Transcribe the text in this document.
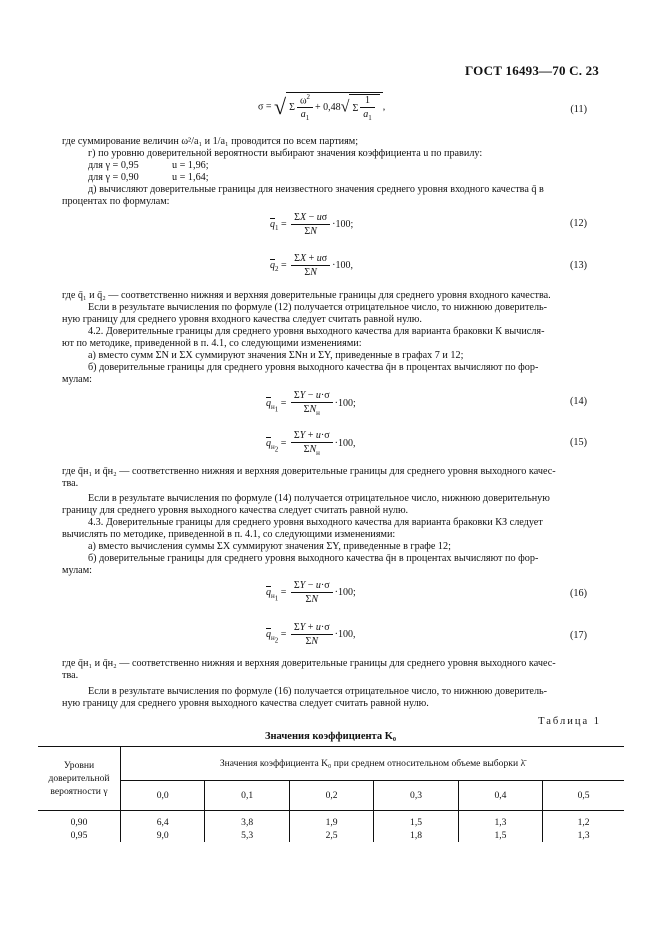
ГОСТ 16493—70 С. 23
σ = √ Σ $\frac{\omega^2}{a_1} + 0,48√$ Σ $\frac{1}{a_1}$ ,	(11)
где суммирование величин ω²/a₁ и 1/a₁ проводится по всем партиям;
г) по уровню доверительной вероятности выбирают значения коэффициента u по правилу:
для γ = 0,95	u = 1,96;
для γ = 0,90	u = 1,64;
д) вычисляют доверительные границы для неизвестного значения среднего уровня входного качества q̄ в
процентах по формулам:
$\overline{q}_1 = \frac{\Sigma X - u\sigma}{\Sigma N} \cdot 100$;	(12)
$\overline{q}_2 = \frac{\Sigma X + u\sigma}{\Sigma N} \cdot 100$,	(13)
где q̄₁ и q̄₂ — соответственно нижняя и верхняя доверительные границы для среднего уровня входного качества.
Если в результате вычисления по формуле (12) получается отрицательное число, то нижнюю доверитель-
ную границу для среднего уровня входного качества следует считать равной нулю.
4.2. Доверительные границы для среднего уровня выходного качества для варианта браковки К вычисля-
ют по методике, приведенной в п. 4.1, со следующими изменениями:
а) вместо сумм ΣN и ΣX суммируют значения ΣNн и ΣY, приведенные в графах 7 и 12;
б) доверительные границы для среднего уровня выходного качества q̄н в процентах вычисляют по фор-
мулам:
$\overline{q}_{н_1} = \frac{\Sigma Y - u\cdot\sigma}{\Sigma N_н} \cdot 100$;	(14)
$\overline{q}_{н_2} = \frac{\Sigma Y + u\cdot\sigma}{\Sigma N_н} \cdot 100$,	(15)
где q̄н₁ и q̄н₂ — соответственно нижняя и верхняя доверительные границы для среднего уровня выходного качес-
тва.
Если в результате вычисления по формуле (14) получается отрицательное число, нижнюю доверительную
границу для среднего уровня выходного качества следует считать равной нулю.
4.3. Доверительные границы для среднего уровня выходного качества для варианта браковки КЗ следует
вычислять по методике, приведенной в п. 4.1, со следующими изменениями:
а) вместо вычисления суммы ΣX суммируют значения ΣY, приведенные в графе 12;
б) доверительные границы для среднего уровня выходного качества q̄н в процентах вычисляют по фор-
мулам:
$\overline{q}_{н_1} = \frac{\Sigma Y - u\cdot\sigma}{\Sigma N} \cdot 100$;	(16)
$\overline{q}_{н_2} = \frac{\Sigma Y + u\cdot\sigma}{\Sigma N} \cdot 100$,	(17)
где q̄н₁ и q̄н₂ — соответственно нижняя и верхняя доверительные границы для среднего уровня выходного качес-
тва.
Если в результате вычисления по формуле (16) получается отрицательное число, то нижнюю доверитель-
ную границу для среднего уровня выходного качества следует считать равной нулю.
Таблица 1
Значения коэффициента K₀
Уровни доверительной вероятности γ	Значения коэффициента K₀ при среднем относительном объеме выборки λ̄					
	0,0	0,1	0,2	0,3	0,4	0,5
0,90	6,4	3,8	1,9	1,5	1,3	1,2
0,95	9,0	5,3	2,5	1,8	1,5	1,3
